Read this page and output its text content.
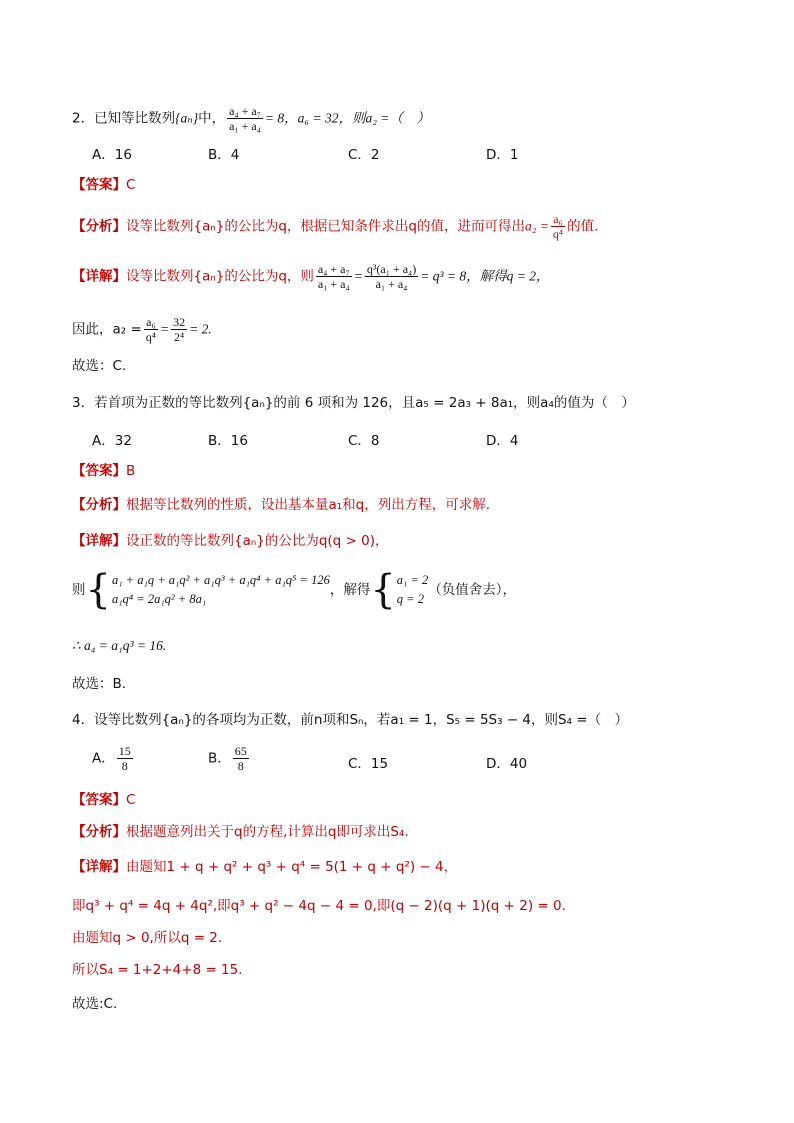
2．已知等比数列{aₙ}中， $\frac{\text{a₄ + a₇}}{\text{a₁ + a₄}} = 8$，a₆ = 32，则a₂ =（　）
A．16	B．4	C．2	D．1
【答案】C
【分析】设等比数列{aₙ}的公比为q，根据已知条件求出q的值，进而可得出$a_2 = \frac{\text{a₆}}{\text{q⁴}}$ 的值.
【详解】设等比数列{aₙ}的公比为q，则 $\frac{\text{a₄ + a₇}}{\text{a₁ + a₄}} = \frac{\text{q³(a₁ + a₄)}}{\text{a₁ + a₄}} = q^3 = 8$，解得q = 2，
因此，$a_2 = \frac{\text{a₆}}{\text{q⁴}} = \frac{32}{\text{2⁴}} = 2$.
故选：C.
3．若首项为正数的等比数列{aₙ}的前 6 项和为 126，且a₅ = 2a₃ + 8a₁，则a₄的值为（　）
A．32	B．16	C．8	D．4
【答案】B
【分析】根据等比数列的性质，设出基本量a₁和q，列出方程，可求解.
【详解】设正数的等比数列{aₙ}的公比为q(q > 0)，
则{ a₁ + a₁q + a₁q² + a₁q³ + a₁q⁴ + a₁q⁵ = 126
a₁q⁴ = 2a₁q² + 8a₁
，解得{ a₁ = 2
q = 2
（负值舍去），
∴ a₄ = a₁q³ = 16.
故选：B.
4．设等比数列{aₙ}的各项均为正数，前n项和Sₙ，若a₁ = 1，S₅ = 5S₃ − 4，则S₄ =（　）
A． $\frac{15}{8}$	B． $\frac{65}{8}$	C．15	D．40
【答案】C
【分析】根据题意列出关于q的方程,计算出q即可求出S₄.
【详解】由题知1 + q + q² + q³ + q⁴ = 5(1 + q + q²) − 4，
即q³ + q⁴ = 4q + 4q²,即q³ + q² − 4q − 4 = 0,即(q − 2)(q + 1)(q + 2) = 0.
由题知q > 0,所以q = 2.
所以S₄ = 1+2+4+8 = 15.
故选:C.
